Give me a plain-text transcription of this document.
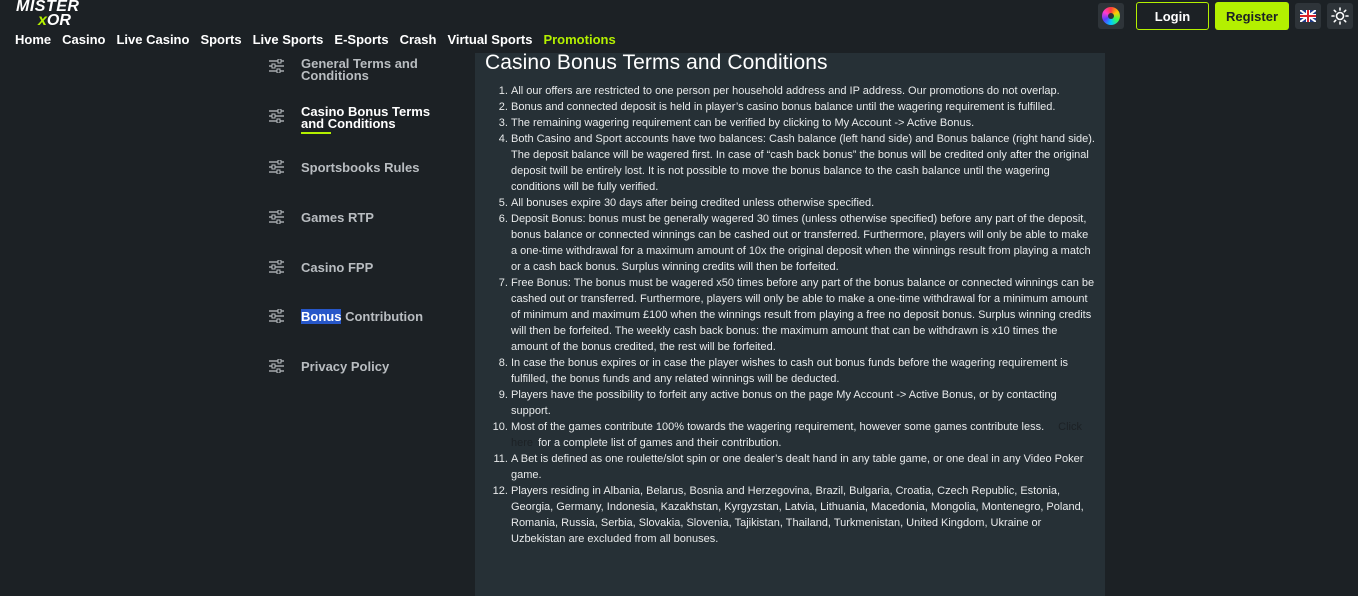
MISTER
xOR
Home Casino Live Casino Sports Live Sports E-Sports Crash Virtual Sports Promotions
Login	Register
General Terms and Conditions
Casino Bonus Terms and Conditions
Sportsbooks Rules
Games RTP
Casino FPP
Bonus Contribution
Privacy Policy
Casino Bonus Terms and Conditions
1. All our offers are restricted to one person per household address and IP address. Our promotions do not overlap.
2. Bonus and connected deposit is held in player’s casino bonus balance until the wagering requirement is fulfilled.
3. The remaining wagering requirement can be verified by clicking to My Account -> Active Bonus.
4. Both Casino and Sport accounts have two balances: Cash balance (left hand side) and Bonus balance (right hand side). The deposit balance will be wagered first. In case of “cash back bonus” the bonus will be credited only after the original deposit twill be entirely lost. It is not possible to move the bonus balance to the cash balance until the wagering conditions will be fully verified.
5. All bonuses expire 30 days after being credited unless otherwise specified.
6. Deposit Bonus: bonus must be generally wagered 30 times (unless otherwise specified) before any part of the deposit, bonus balance or connected winnings can be cashed out or transferred. Furthermore, players will only be able to make a one-time withdrawal for a maximum amount of 10x the original deposit when the winnings result from playing a match or a cash back bonus. Surplus winning credits will then be forfeited.
7. Free Bonus: The bonus must be wagered x50 times before any part of the bonus balance or connected winnings can be cashed out or transferred. Furthermore, players will only be able to make a one-time withdrawal for a minimum amount of minimum and maximum £100 when the winnings result from playing a free no deposit bonus. Surplus winning credits will then be forfeited. The weekly cash back bonus: the maximum amount that can be withdrawn is x10 times the amount of the bonus credited, the rest will be forfeited.
8. In case the bonus expires or in case the player wishes to cash out bonus funds before the wagering requirement is fulfilled, the bonus funds and any related winnings will be deducted.
9. Players have the possibility to forfeit any active bonus on the page My Account -> Active Bonus, or by contacting support.
10. Most of the games contribute 100% towards the wagering requirement, however some games contribute less. Click here for a complete list of games and their contribution.
11. A Bet is defined as one roulette/slot spin or one dealer’s dealt hand in any table game, or one deal in any Video Poker game.
12. Players residing in Albania, Belarus, Bosnia and Herzegovina, Brazil, Bulgaria, Croatia, Czech Republic, Estonia, Georgia, Germany, Indonesia, Kazakhstan, Kyrgyzstan, Latvia, Lithuania, Macedonia, Mongolia, Montenegro, Poland, Romania, Russia, Serbia, Slovakia, Slovenia, Tajikistan, Thailand, Turkmenistan, United Kingdom, Ukraine or Uzbekistan are excluded from all bonuses.
